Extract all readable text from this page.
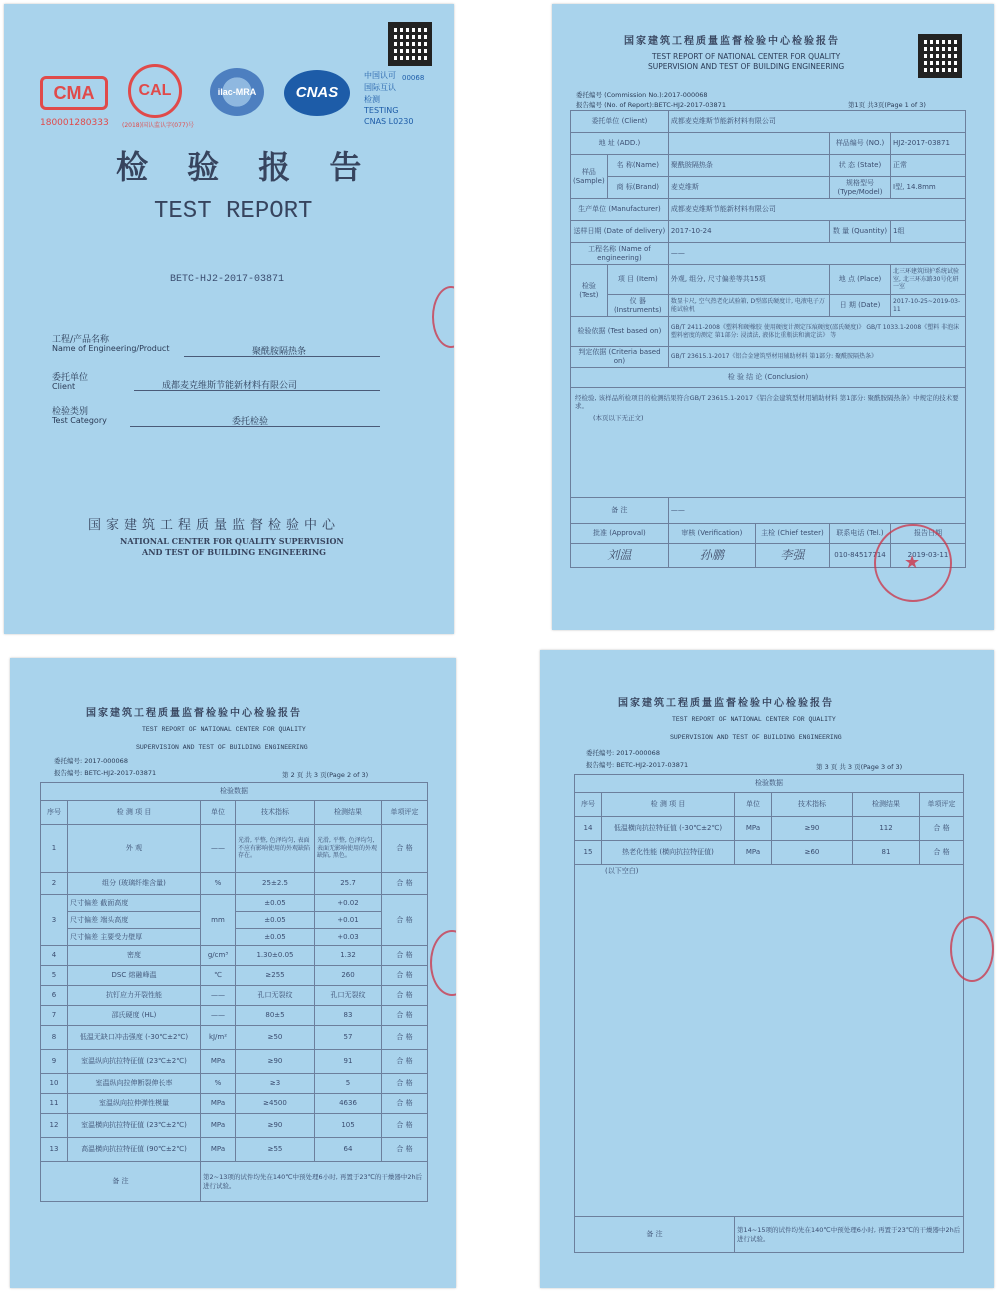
CMA
180001280333
CAL
(2018)国认监认字(077)号
ilac-MRA	CNAS
中国认可 00068
国际互认
检测
TESTING
CNAS L0230
检 验 报 告
TEST REPORT
BETC-HJ2-2017-03871
工程/产品名称
Name of Engineering/Product	聚酰胺隔热条
委托单位
Client	成都麦克维斯节能新材料有限公司
检验类别
Test Category	委托检验
国家建筑工程质量监督检验中心
NATIONAL CENTER FOR QUALITY SUPERVISION
AND TEST OF BUILDING ENGINEERING
国家建筑工程质量监督检验中心检验报告
TEST REPORT OF NATIONAL CENTER FOR QUALITY
SUPERVISION AND TEST OF BUILDING ENGINEERING
委托编号 (Commission No.):2017-000068
报告编号 (No. of Report):BETC-HJ2-2017-03871	第1页 共3页(Page 1 of 3)
委托单位 (Client)		成都麦克维斯节能新材料有限公司			
地 址 (ADD.)				样品编号 (NO.)	HJ2-2017-03871
样品 (Sample)	名 称(Name)	聚酰胺隔热条		状 态 (State)	正常
	商 标(Brand)	麦克维斯		规格型号 (Type/Model)	I型, 14.8mm
生产单位 (Manufacturer)		成都麦克维斯节能新材料有限公司			
送样日期 (Date of delivery)		2017-10-24		数 量 (Quantity)	1组
工程名称 (Name of engineering)		——			
检验 (Test)	项 目 (Item)	外观, 组分, 尺寸偏差等共15项		地 点 (Place)	北三环建筑围护系统试验室, 北三环东路30号化研一室
	仪 器 (Instruments)	数显卡尺, 空气热老化试验箱, D型邵氏硬度计, 电液电子万能试验机		日 期 (Date)	2017-10-25~2019-03-11
检验依据 (Test based on)		GB/T 2411-2008《塑料和硬橡胶 使用硬度计测定压痕硬度(邵氏硬度)》 GB/T 1033.1-2008《塑料 非泡沫塑料密度的测定 第1部分: 浸渍法, 液体比重瓶法和滴定法》 等			
判定依据 (Criteria based on)		GB/T 23615.1-2017《铝合金建筑型材用辅助材料 第1部分: 聚酰胺隔热条》			
检 验 结 论 (Conclusion)					

经检验, 该样品所检项目的检测结果符合GB/T 23615.1-2017《铝合金建筑型材用辅助材料 第1部分: 聚酰胺隔热条》中规定的技术要求。
(本页以下无正文)					

备 注		——			
批准 (Approval)		审核 (Verification)	主检 (Chief tester)	联系电话 (Tel.)	报告日期
刘温		孙鹏	李强	010-84517714	2019-03-11
★
国家建筑工程质量监督检验中心检验报告
TEST REPORT OF NATIONAL CENTER FOR QUALITY
SUPERVISION AND TEST OF BUILDING ENGINEERING
委托编号: 2017-000068
报告编号: BETC-HJ2-2017-03871	第 2 页 共 3 页(Page 2 of 3)
检验数据					
序号	检 测 项 目	单位	技术指标	检测结果	单项评定
1	外 观	——	光滑, 平整, 色泽均匀, 表面不应有影响使用的外观缺陷存在。	光滑, 平整, 色泽均匀, 表面无影响使用的外观缺陷, 黑色。	合 格
2	组分 (玻璃纤维含量)	%	25±2.5	25.7	合 格
3	尺寸偏差 截面高度	mm	±0.05	+0.02	合 格
	尺寸偏差 端头高度		±0.05	+0.01	
	尺寸偏差 主要受力壁厚		±0.05	+0.03	
4	密度	g/cm³	1.30±0.05	1.32	合 格
5	DSC 熔融峰温	℃	≥255	260	合 格
6	抗钉应力开裂性能	——	孔口无裂纹	孔口无裂纹	合 格
7	邵氏硬度 (HL)	——	80±5	83	合 格
8	低温无缺口冲击强度 (-30℃±2℃)	kJ/m²	≥50	57	合 格
9	室温纵向抗拉特征值 (23℃±2℃)	MPa	≥90	91	合 格
10	室温纵向拉伸断裂伸长率	%	≥3	5	合 格
11	室温纵向拉伸弹性模量	MPa	≥4500	4636	合 格
12	室温横向抗拉特征值 (23℃±2℃)	MPa	≥90	105	合 格
13	高温横向抗拉特征值 (90℃±2℃)	MPa	≥55	64	合 格
备 注		第2~13项的试件均先在140℃中预处理6小时, 再置于23℃的干燥器中2h后进行试验。			
国家建筑工程质量监督检验中心检验报告
TEST REPORT OF NATIONAL CENTER FOR QUALITY
SUPERVISION AND TEST OF BUILDING ENGINEERING
委托编号: 2017-000068
报告编号: BETC-HJ2-2017-03871	第 3 页 共 3 页(Page 3 of 3)
检验数据					
序号	检 测 项 目	单位	技术指标	检测结果	单项评定
14	低温横向抗拉特征值 (-30℃±2℃)	MPa	≥90	112	合 格
15	热老化性能 (横向抗拉特征值)	MPa	≥60	81	合 格
(以下空白)					
备 注		第14~15项的试件均先在140℃中预处理6小时, 再置于23℃的干燥器中2h后进行试验。			
